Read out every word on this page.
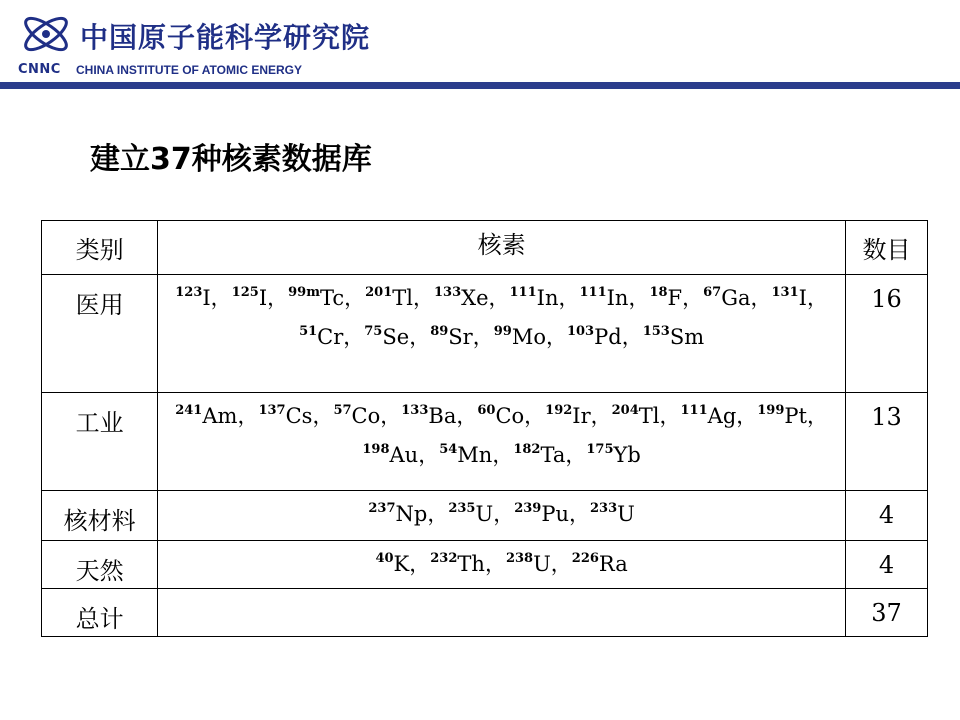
中国原子能科学研究院
CNNC CHINA INSTITUTE OF ATOMIC ENERGY
建立37种核素数据库
类别	核素	数目
医用	$^{123}$I，$^{125}$I，$^{99m}$Tc，$^{201}$Tl，$^{133}$Xe，$^{111}$In，$^{111}$In，$^{18}$F，$^{67}$Ga，$^{131}$I，$^{51}$Cr，$^{75}$Se，$^{89}$Sr，$^{99}$Mo，$^{103}$Pd，$^{153}$Sm	16
工业	$^{241}$Am，$^{137}$Cs，$^{57}$Co，$^{133}$Ba，$^{60}$Co，$^{192}$Ir，$^{204}$Tl，$^{111}$Ag，$^{199}$Pt，$^{198}$Au，$^{54}$Mn，$^{182}$Ta，$^{175}$Yb	13
核材料	$^{237}$Np，$^{235}$U，$^{239}$Pu，$^{233}$U	4
天然	$^{40}$K，$^{232}$Th，$^{238}$U，$^{226}$Ra	4
总计		37
